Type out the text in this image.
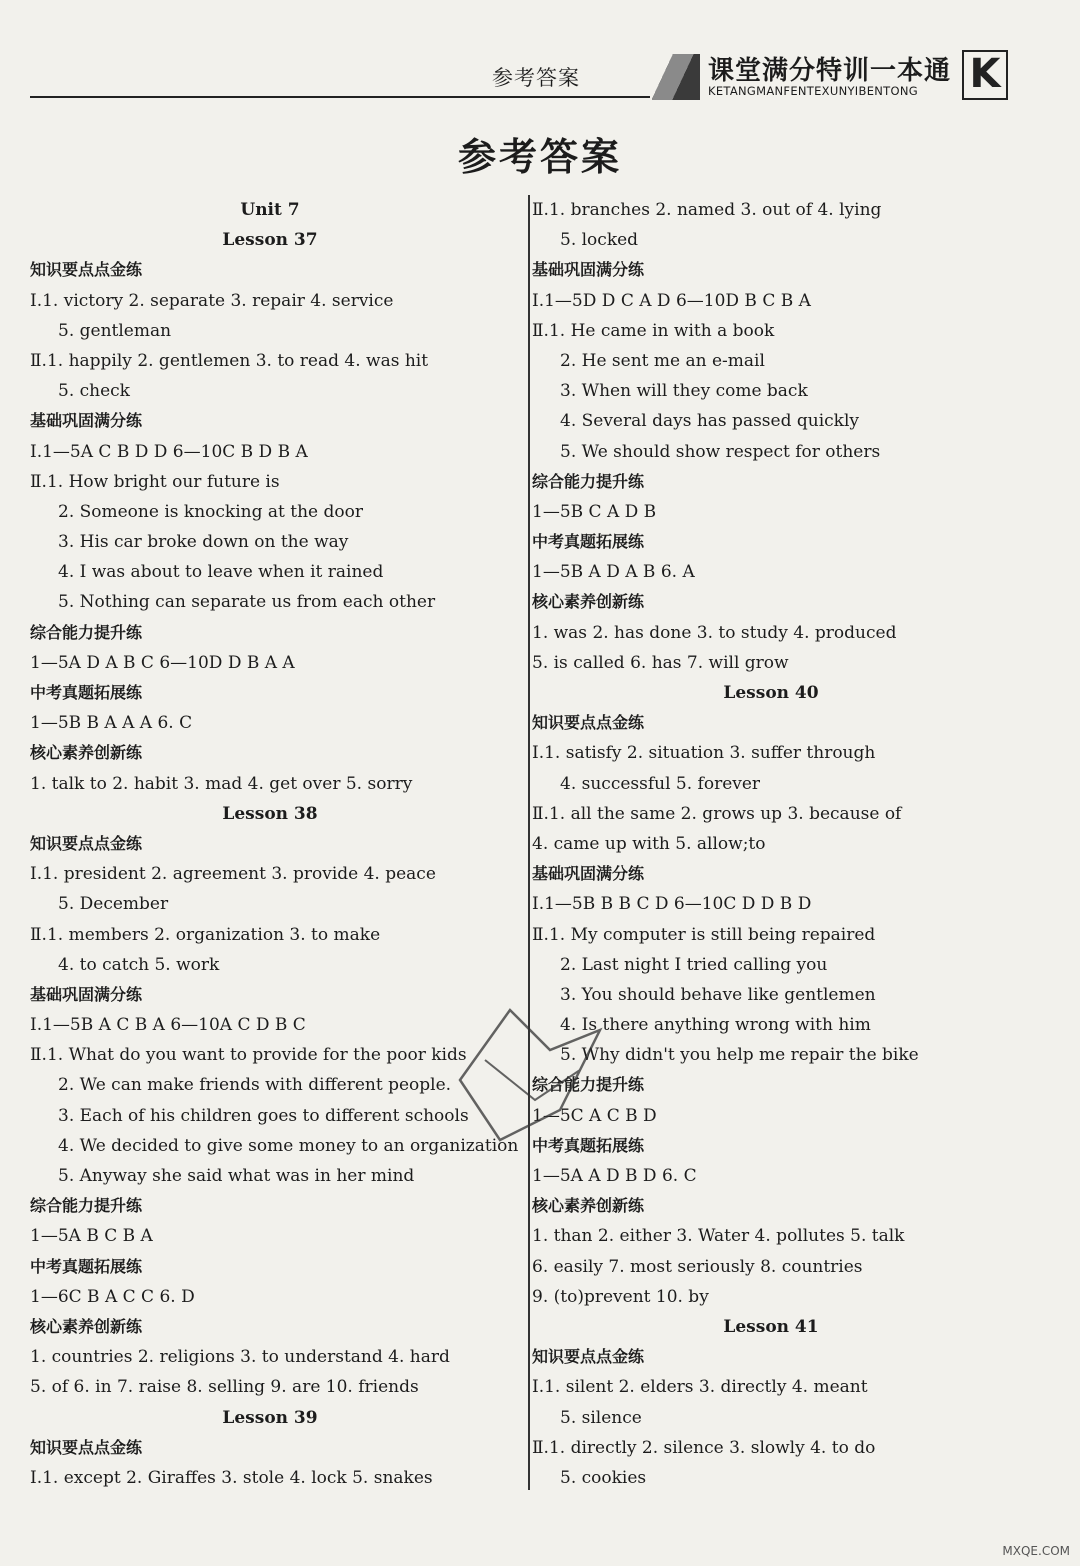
参考答案	课堂满分特训一本通
KETANGMANFENTEXUNYIBENTONG K
参考答案
Unit 7
Lesson 37
知识要点点金练
Ⅰ.1. victory 2. separate 3. repair 4. service
5. gentleman
Ⅱ.1. happily 2. gentlemen 3. to read 4. was hit
5. check
基础巩固满分练
Ⅰ.1—5A C B D D 6—10C B D B A
Ⅱ.1. How bright our future is
2. Someone is knocking at the door
3. His car broke down on the way
4. I was about to leave when it rained
5. Nothing can separate us from each other
综合能力提升练
1—5A D A B C 6—10D D B A A
中考真题拓展练
1—5B B A A A 6. C
核心素养创新练
1. talk to 2. habit 3. mad 4. get over 5. sorry
Lesson 38
知识要点点金练
Ⅰ.1. president 2. agreement 3. provide 4. peace
5. December
Ⅱ.1. members 2. organization 3. to make
4. to catch 5. work
基础巩固满分练
Ⅰ.1—5B A C B A 6—10A C D B C
Ⅱ.1. What do you want to provide for the poor kids
2. We can make friends with different people.
3. Each of his children goes to different schools
4. We decided to give some money to an organization
5. Anyway she said what was in her mind
综合能力提升练
1—5A B C B A
中考真题拓展练
1—6C B A C C 6. D
核心素养创新练
1. countries 2. religions 3. to understand 4. hard
5. of 6. in 7. raise 8. selling 9. are 10. friends
Lesson 39
知识要点点金练
Ⅰ.1. except 2. Giraffes 3. stole 4. lock 5. snakes
Ⅱ.1. branches 2. named 3. out of 4. lying
5. locked
基础巩固满分练
Ⅰ.1—5D D C A D 6—10D B C B A
Ⅱ.1. He came in with a book
2. He sent me an e-mail
3. When will they come back
4. Several days has passed quickly
5. We should show respect for others
综合能力提升练
1—5B C A D B
中考真题拓展练
1—5B A D A B 6. A
核心素养创新练
1. was 2. has done 3. to study 4. produced
5. is called 6. has 7. will grow
Lesson 40
知识要点点金练
Ⅰ.1. satisfy 2. situation 3. suffer through
4. successful 5. forever
Ⅱ.1. all the same 2. grows up 3. because of
4. came up with 5. allow;to
基础巩固满分练
Ⅰ.1—5B B B C D 6—10C D D B D
Ⅱ.1. My computer is still being repaired
2. Last night I tried calling you
3. You should behave like gentlemen
4. Is there anything wrong with him
5. Why didn't you help me repair the bike
综合能力提升练
1—5C A C B D
中考真题拓展练
1—5A A D B D 6. C
核心素养创新练
1. than 2. either 3. Water 4. pollutes 5. talk
6. easily 7. most seriously 8. countries
9. (to)prevent 10. by
Lesson 41
知识要点点金练
Ⅰ.1. silent 2. elders 3. directly 4. meant
5. silence
Ⅱ.1. directly 2. silence 3. slowly 4. to do
5. cookies
MXQE.COM
